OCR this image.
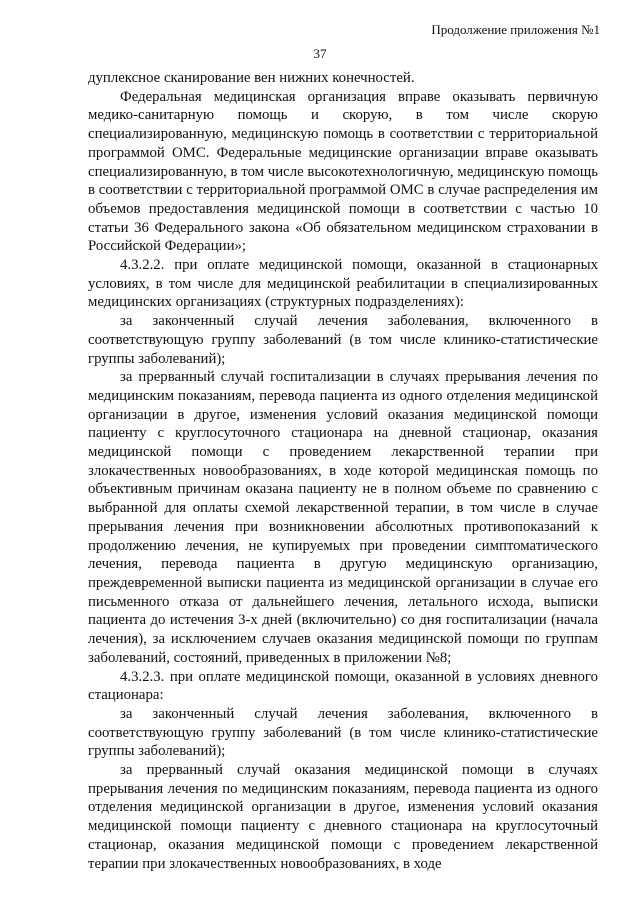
Продолжение приложения №1
37

дуплексное сканирование вен нижних конечностей.

Федеральная медицинская организация вправе оказывать первичную медико-санитарную помощь и скорую, в том числе скорую специализированную, медицинскую помощь в соответствии с территориальной программой ОМС. Федеральные медицинские организации вправе оказывать специализированную, в том числе высокотехнологичную, медицинскую помощь в соответствии с территориальной программой ОМС в случае распределения им объемов предоставления медицинской помощи в соответствии с частью 10 статьи 36 Федерального закона «Об обязательном медицинском страховании в Российской Федерации»;

4.3.2.2. при оплате медицинской помощи, оказанной в стационарных условиях, в том числе для медицинской реабилитации в специализированных медицинских организациях (структурных подразделениях):

за законченный случай лечения заболевания, включенного в соответствующую группу заболеваний (в том числе клинико-статистические группы заболеваний);

за прерванный случай госпитализации в случаях прерывания лечения по медицинским показаниям, перевода пациента из одного отделения медицинской организации в другое, изменения условий оказания медицинской помощи пациенту с круглосуточного стационара на дневной стационар, оказания медицинской помощи с проведением лекарственной терапии при злокачественных новообразованиях, в ходе которой медицинская помощь по объективным причинам оказана пациенту не в полном объеме по сравнению с выбранной для оплаты схемой лекарственной терапии, в том числе в случае прерывания лечения при возникновении абсолютных противопоказаний к продолжению лечения, не купируемых при проведении симптоматического лечения, перевода пациента в другую медицинскую организацию, преждевременной выписки пациента из медицинской организации в случае его письменного отказа от дальнейшего лечения, летального исхода, выписки пациента до истечения 3-х дней (включительно) со дня госпитализации (начала лечения), за исключением случаев оказания медицинской помощи по группам заболеваний, состояний, приведенных в приложении №8;

4.3.2.3. при оплате медицинской помощи, оказанной в условиях дневного стационара:

за законченный случай лечения заболевания, включенного в соответствующую группу заболеваний (в том числе клинико-статистические группы заболеваний);

за прерванный случай оказания медицинской помощи в случаях прерывания лечения по медицинским показаниям, перевода пациента из одного отделения медицинской организации в другое, изменения условий оказания медицинской помощи пациенту с дневного стационара на круглосуточный стационар, оказания медицинской помощи с проведением лекарственной терапии при злокачественных новообразованиях, в ходе
